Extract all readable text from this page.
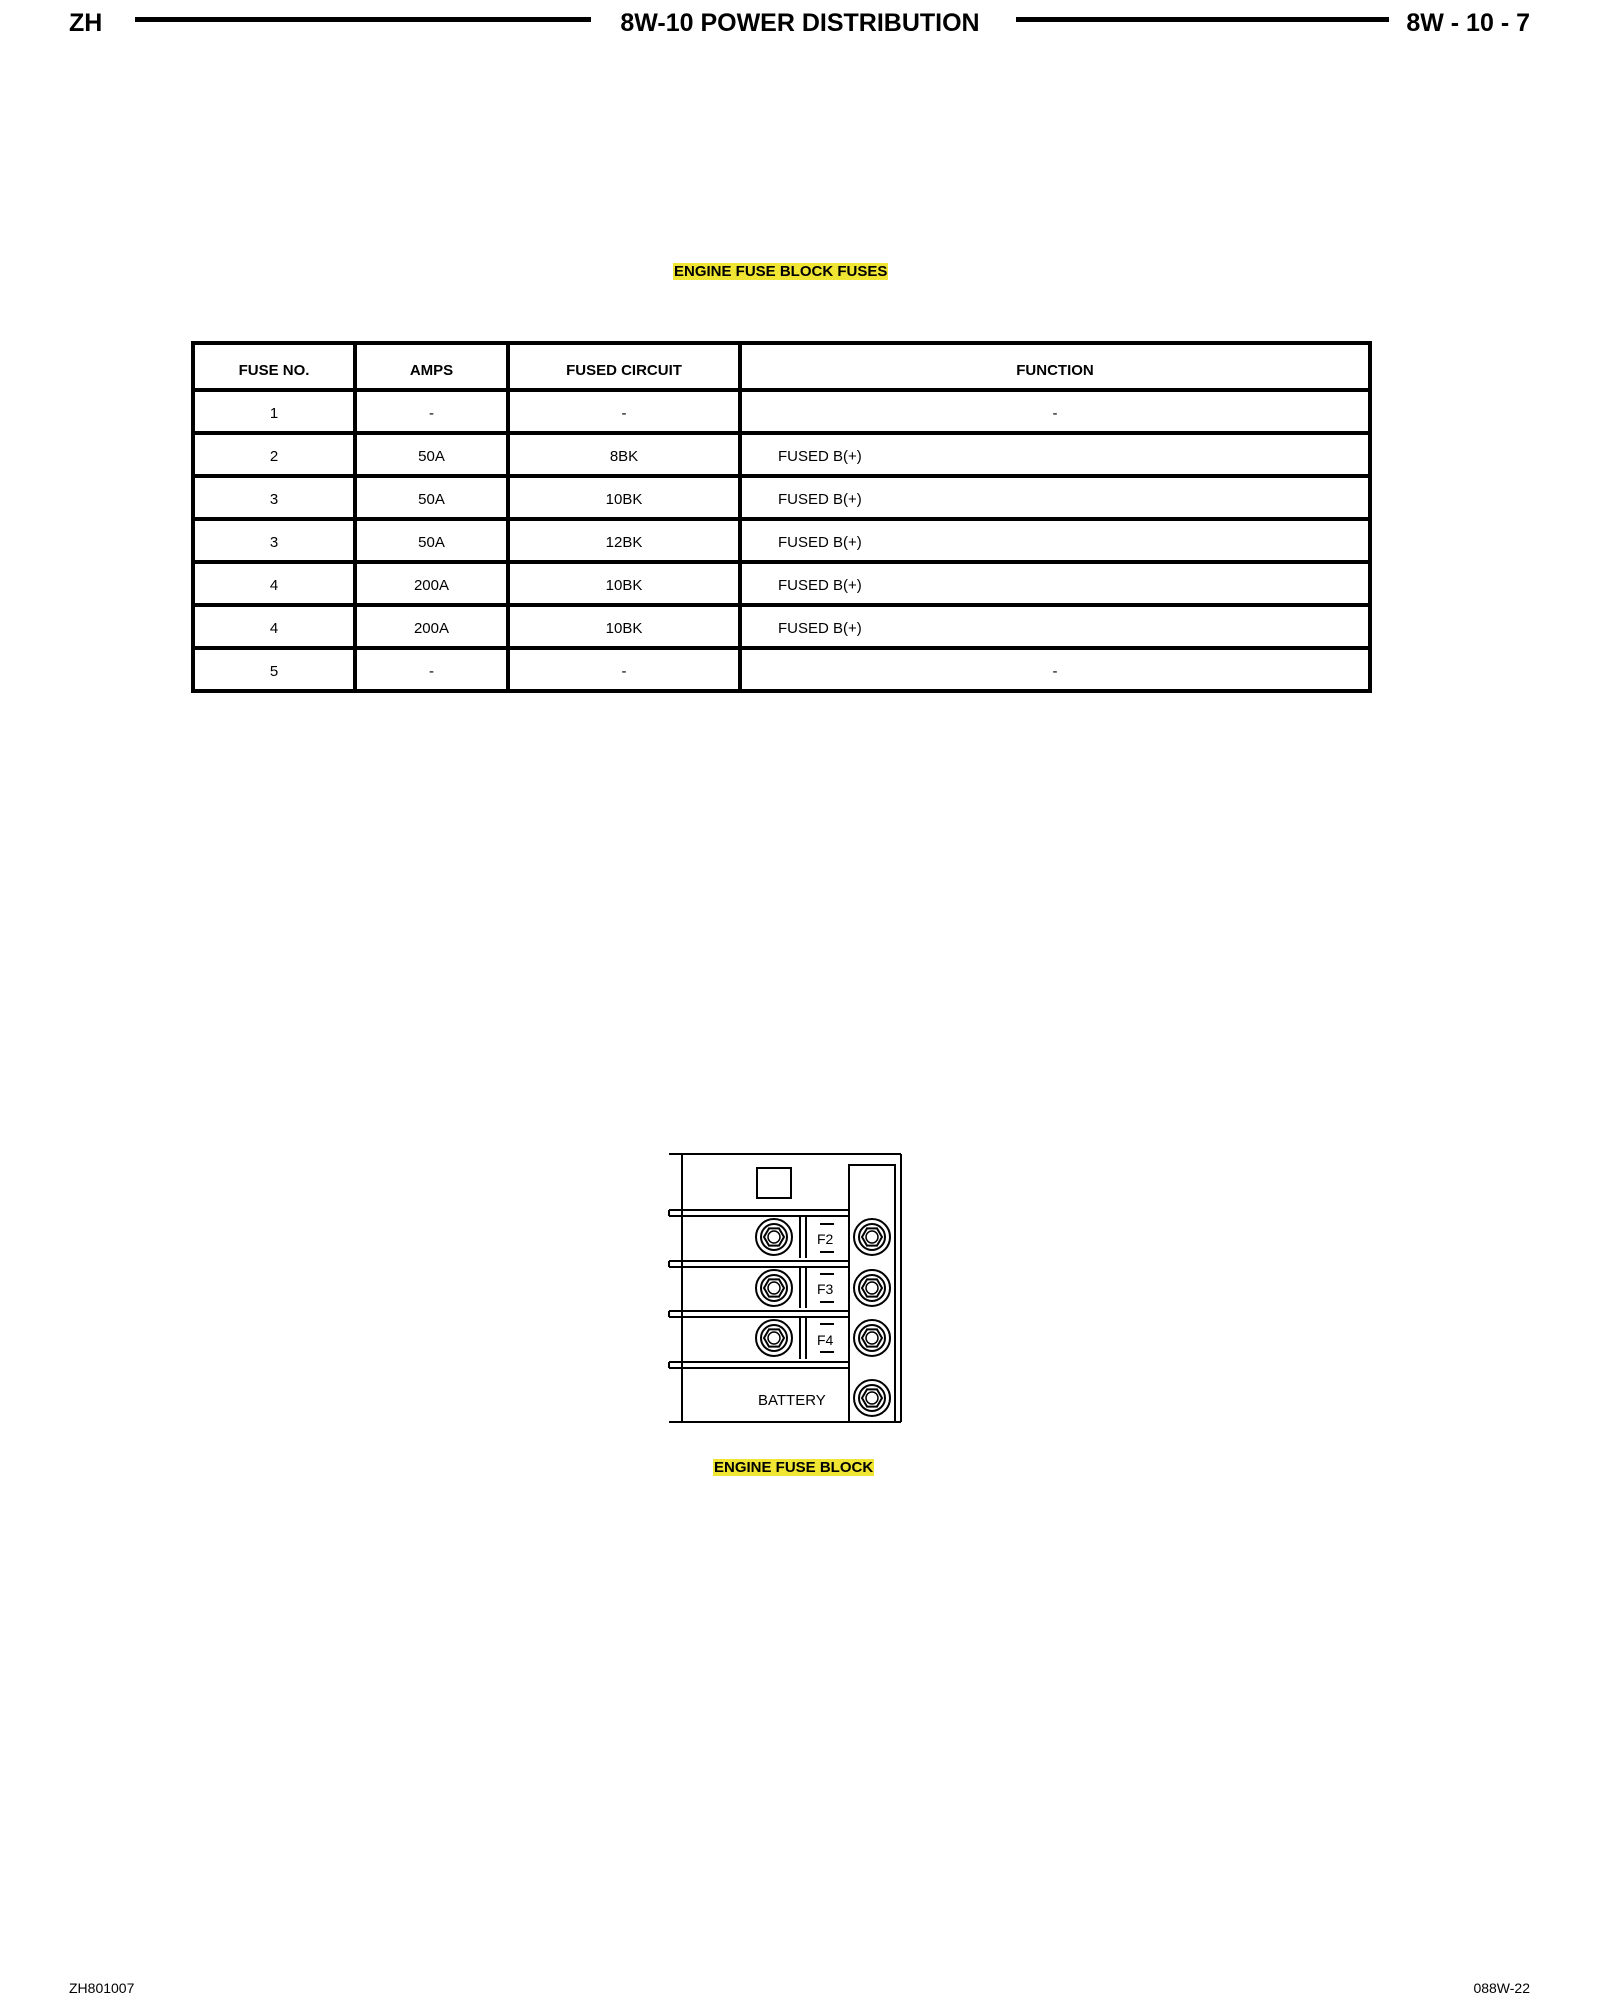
ZH	8W-10 POWER DISTRIBUTION	8W - 10 - 7
ENGINE FUSE BLOCK FUSES
FUSE NO.	AMPS	FUSED CIRCUIT	FUNCTION
1	-	-	-
2	50A	8BK	FUSED B(+)
3	50A	10BK	FUSED B(+)
3	50A	12BK	FUSED B(+)
4	200A	10BK	FUSED B(+)
4	200A	10BK	FUSED B(+)
5	-	-	-
F2
F3
F4
BATTERY
ENGINE FUSE BLOCK
ZH801007	088W-22
